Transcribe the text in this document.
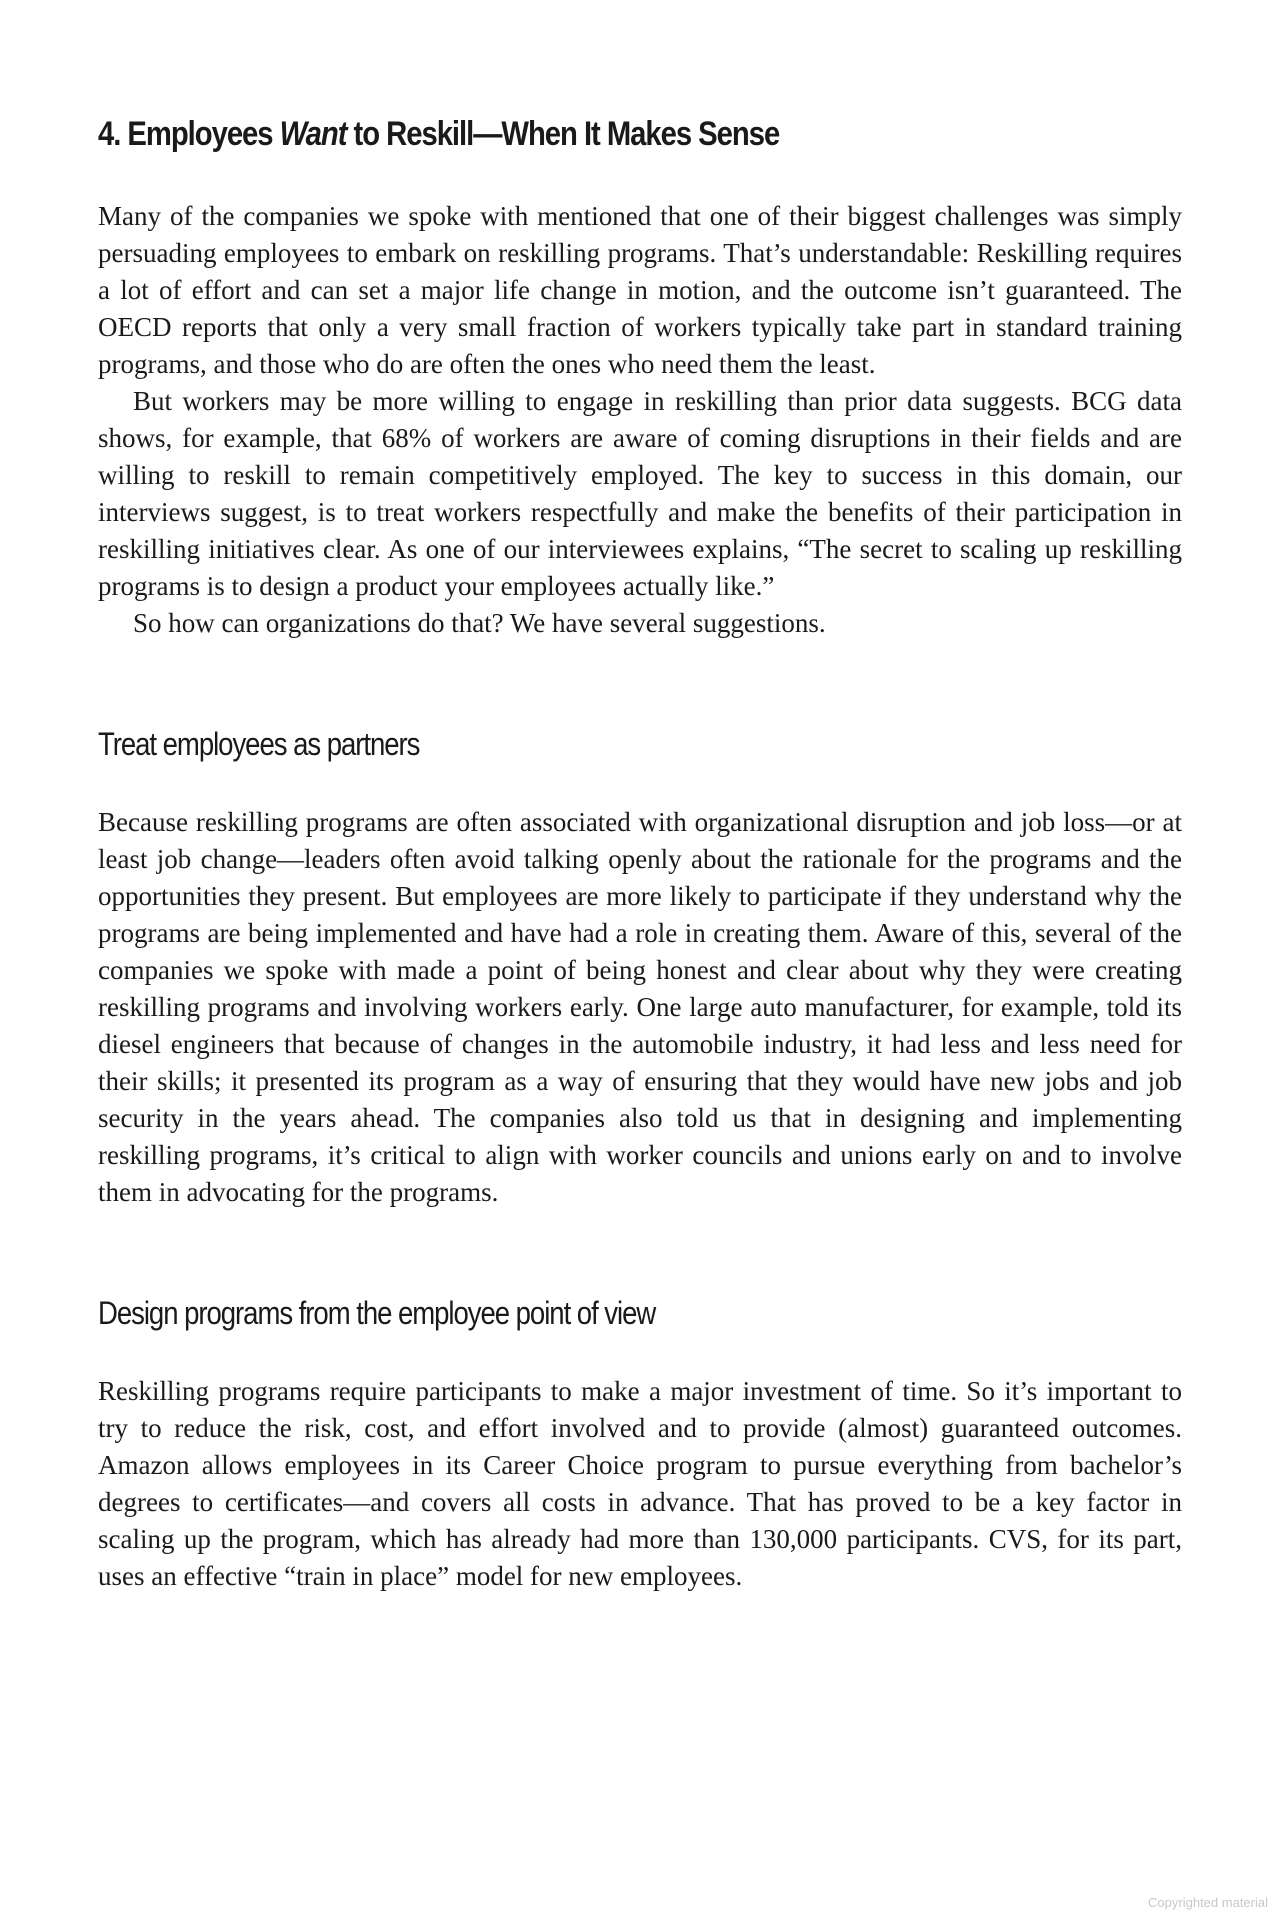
4. Employees Want to Reskill—When It Makes Sense

Many of the companies we spoke with mentioned that one of their biggest challenges was simply persuading employees to embark on reskilling programs. That’s understandable: Reskilling requires a lot of effort and can set a major life change in motion, and the outcome isn’t guaranteed. The OECD reports that only a very small fraction of workers typically take part in standard training programs, and those who do are often the ones who need them the least.

But workers may be more willing to engage in reskilling than prior data suggests. BCG data shows, for example, that 68% of workers are aware of coming disruptions in their fields and are willing to reskill to remain competitively employed. The key to success in this domain, our interviews suggest, is to treat workers respectfully and make the benefits of their participation in reskilling initiatives clear. As one of our interviewees explains, “The secret to scaling up reskilling programs is to design a product your employees actually like.”

So how can organizations do that? We have several suggestions.

Treat employees as partners

Because reskilling programs are often associated with organizational disruption and job loss—or at least job change—leaders often avoid talking openly about the rationale for the programs and the opportunities they present. But employees are more likely to participate if they understand why the programs are being implemented and have had a role in creating them. Aware of this, several of the companies we spoke with made a point of being honest and clear about why they were creating reskilling programs and involving workers early. One large auto manufacturer, for example, told its diesel engineers that because of changes in the automobile industry, it had less and less need for their skills; it presented its program as a way of ensuring that they would have new jobs and job security in the years ahead. The companies also told us that in designing and implementing reskilling programs, it’s critical to align with worker councils and unions early on and to involve them in advocating for the programs.

Design programs from the employee point of view

Reskilling programs require participants to make a major investment of time. So it’s important to try to reduce the risk, cost, and effort involved and to provide (almost) guaranteed outcomes. Amazon allows employees in its Career Choice program to pursue everything from bachelor’s degrees to certificates—and covers all costs in advance. That has proved to be a key factor in scaling up the program, which has already had more than 130,000 participants. CVS, for its part, uses an effective “train in place” model for new employees.

Copyrighted material
